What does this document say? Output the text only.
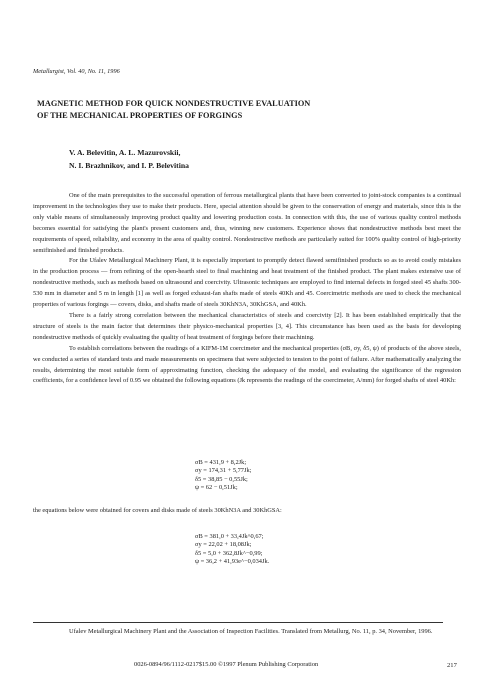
Metallurgist, Vol. 40, No. 11, 1996
MAGNETIC METHOD FOR QUICK NONDESTRUCTIVE EVALUATION
OF THE MECHANICAL PROPERTIES OF FORGINGS
V. A. Belevitin, A. L. Mazurovskii,
N. I. Brazhnikov, and I. P. Belevitina

One of the main prerequisites to the successful operation of ferrous metallurgical plants that have been converted to joint-stock companies is a continual improvement in the technologies they use to make their products. Here, special attention should be given to the conservation of energy and materials, since this is the only viable means of simultaneously improving product quality and lowering production costs. In connection with this, the use of various quality control methods becomes essential for satisfying the plant's present customers and, thus, winning new customers. Experience shows that nondestructive methods best meet the requirements of speed, reliability, and economy in the area of quality control. Nondestructive methods are particularly suited for 100% quality control of high-priority semifinished and finished products.

For the Ufalev Metallurgical Machinery Plant, it is especially important to promptly detect flawed semifinished products so as to avoid costly mistakes in the production process — from refining of the open-hearth steel to final machining and heat treatment of the finished product. The plant makes extensive use of nondestructive methods, such as methods based on ultrasound and coercivity. Ultrasonic techniques are employed to find internal defects in forged steel 45 shafts 300-530 mm in diameter and 5 m in length [1] as well as forged exhaust-fan shafts made of steels 40Kh and 45. Coercimetric methods are used to check the mechanical properties of various forgings — covers, disks, and shafts made of steels 30KhN3A, 30KhGSA, and 40Kh.

There is a fairly strong correlation between the mechanical characteristics of steels and coercivity [2]. It has been established empirically that the structure of steels is the main factor that determines their physico-mechanical properties [3, 4]. This circumstance has been used as the basis for developing nondestructive methods of quickly evaluating the quality of heat treatment of forgings before their machining.

To establish correlations between the readings of a KIFM-1M coercimeter and the mechanical properties (σB, σy, δ5, ψ) of products of the above steels, we conducted a series of standard tests and made measurements on specimens that were subjected to tension to the point of failure. After mathematically analyzing the results, determining the most suitable form of approximating function, checking the adequacy of the model, and evaluating the significance of the regression coefficients, for a confidence level of 0.95 we obtained the following equations (Jk represents the readings of the coercimeter, A/mm) for forged shafts of steel 40Kh:

σB = 431,9 + 8,2Jk;
σy = 174,31 + 5,77Jk;
δ5 = 38,85 − 0,55Jk;
ψ = 62 − 0,51Jk;
the equations below were obtained for covers and disks made of steels 30KhN3A and 30KhGSA:
σB = 381,0 + 33,4Jk^0,67;
σy = 22,02 + 18,08Jk;
δ5 = 5,0 + 362,8Jk^−0,99;
ψ = 36,2 + 41,93e^−0,034Jk.
Ufalev Metallurgical Machinery Plant and the Association of Inspection Facilities. Translated from Metallurg, No. 11, p. 34, November, 1996.
0026-0894/96/1112-0217$15.00 ©1997 Plenum Publishing Corporation	217
